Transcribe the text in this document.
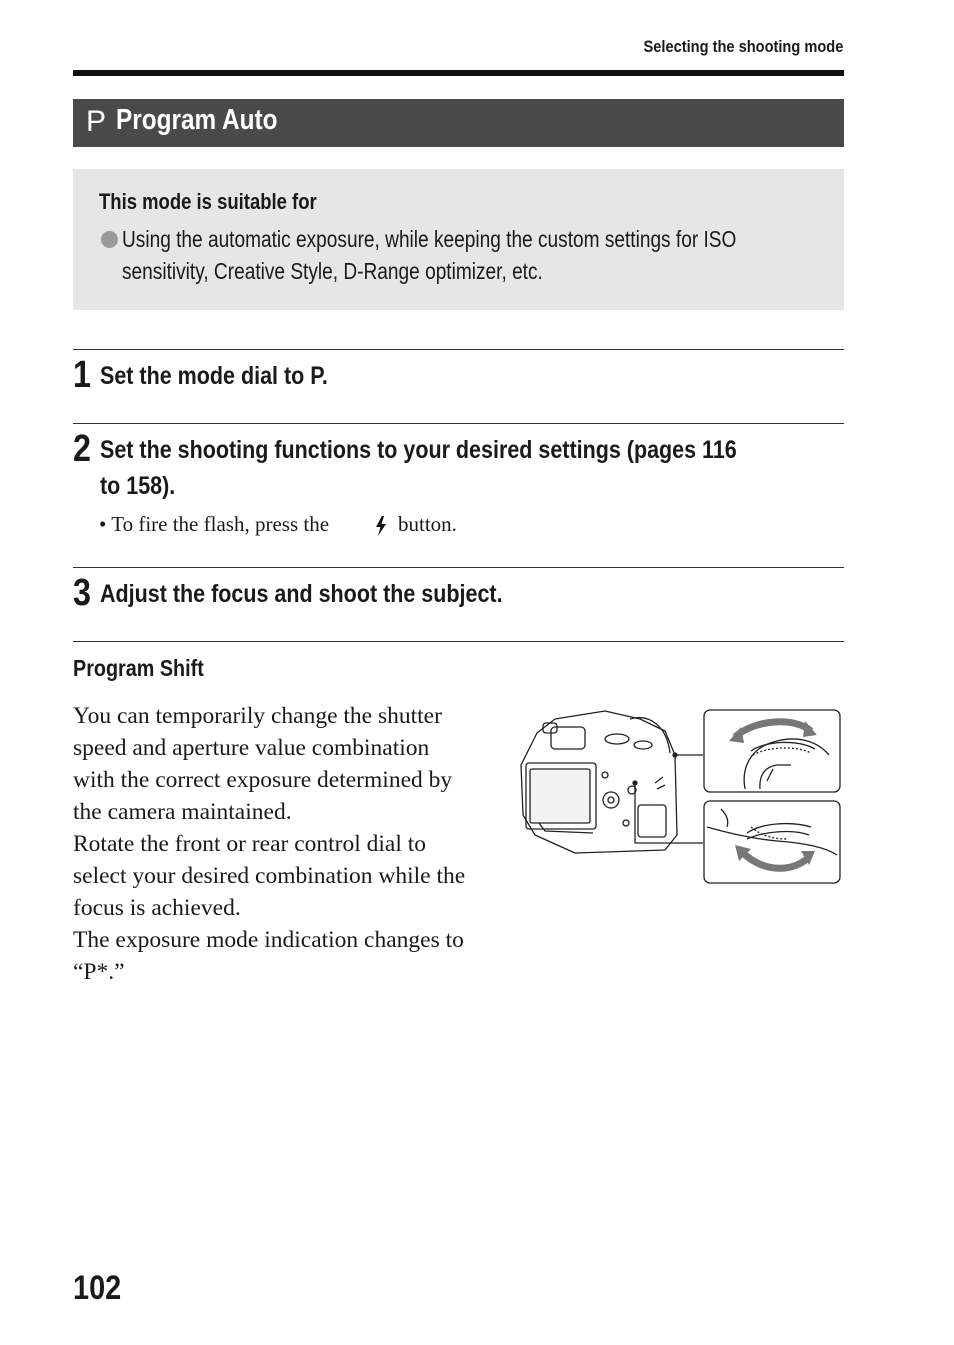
Selecting the shooting mode
P Program Auto
This mode is suitable for
Using the automatic exposure, while keeping the custom settings for ISO
sensitivity, Creative Style, D-Range optimizer, etc.
1 Set the mode dial to P.
2 Set the shooting functions to your desired settings (pages 116
to 158).
• To fire the flash, press the	button.
3 Adjust the focus and shoot the subject.
Program Shift

You can temporarily change the shutter
speed and aperture value combination
with the correct exposure determined by
the camera maintained.

Rotate the front or rear control dial to
select your desired combination while the
focus is achieved.

The exposure mode indication changes to
“P*.”

102
